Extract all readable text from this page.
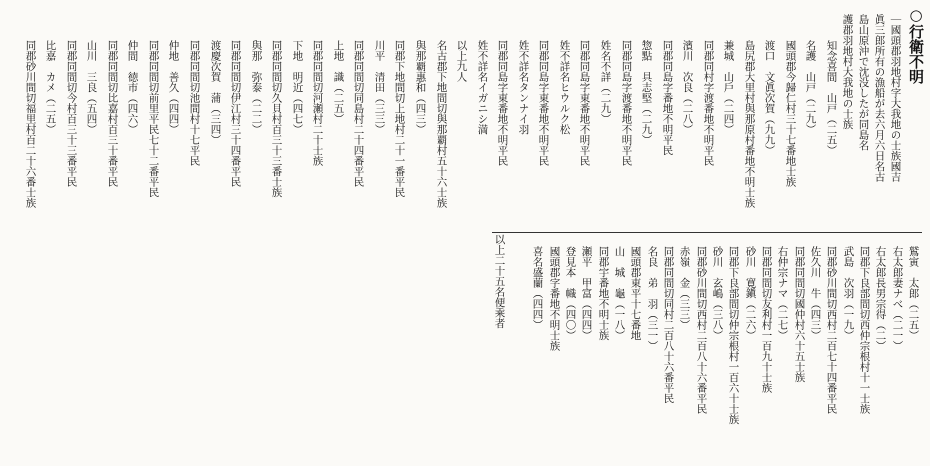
○行衛不明
｜國頭郡羽地村字大我地の士族國吉
眞三郎所有の漁船が去六月六日名古
島山原沖で沈没したが同島名
護郡羽地村大我地の士族
知念喜間　山戸（二五）
名護　山戸（二九）
國頭郡今歸仁村三十七番地士族
渡口　文眞次賀（九九）
島尻郡大里村與那原村番地不明士族
兼城　山戶（二四）
同郡同村字渡番地不明平民
濱川　次良（二八）
同郡同島字番地不明平民
惣點　具志堅（二九）
同郡同島字渡番地不明平民
姓名不詳（二九）
同郡同島字東番地不明平民
姓不詳名ヒウルク松
同郡同島字東番地不明平民
姓不詳名タンナイ羽
同郡同島字東番地不明平民
姓不詳名イガニシ満
以上九人
名古郡下地間切與那覇村五十六士族
與那覇惠和（四三）
同郡下地間切上地村二十一番平民
川平　清田（三三）
同郡同間切同島村二十四番平民
上地　識（二五）
同郡同間切河瀬村二十士族
下地　明近（四七）
同郡同間切久貝村百三十三番士族
與那　弥泰（二二）
同郡同間切伊江村三十四番平民
渡慶次賀　蒲（三四）
同郡同間切池間村十七平民
仲地　善久（四四）
同郡同間切前里平民七十二番平民
仲間　徳市（四六）
同郡同間切比嘉村百三十番平民
山川　三良（五四）
同郡同間切今村百三十三番平民
比嘉　カメ（二五）
同郡砂川間切福里村百二十六番士族
以上二十五名便乘者	鷲寅　太郎（二五）
右太郎妻ナべ（二一）
右太郎長男宗得（二）
同郡下良部間切西仲宗根村十一士族
武島　次羽（一九）
同郡砂川間切西村二百七十四番平民
佐久川　牛（四三）
同郡同間切國仲村六十五士族
右仲宗ナマ（二七）
同郡同間切友利村一百九十士族
砂川　寛鎭（二六）
同郡下良部間切仲宗根村一百六十士族
砂川　玄嶋（三八）
同郡砂川間切西村二百八十六番平民
赤嶺　金（三三）
同郡同間切同村二百八十六番平民
名良　弟　羽（三一）
國頭郡東平十七番地
山　城　龜（一八）
同郡宇番地不明士族
瀬平　甲富（四四）
登見本　幟（四〇）
國頭郡字番地不明士族
喜名盛蘭（四四）
